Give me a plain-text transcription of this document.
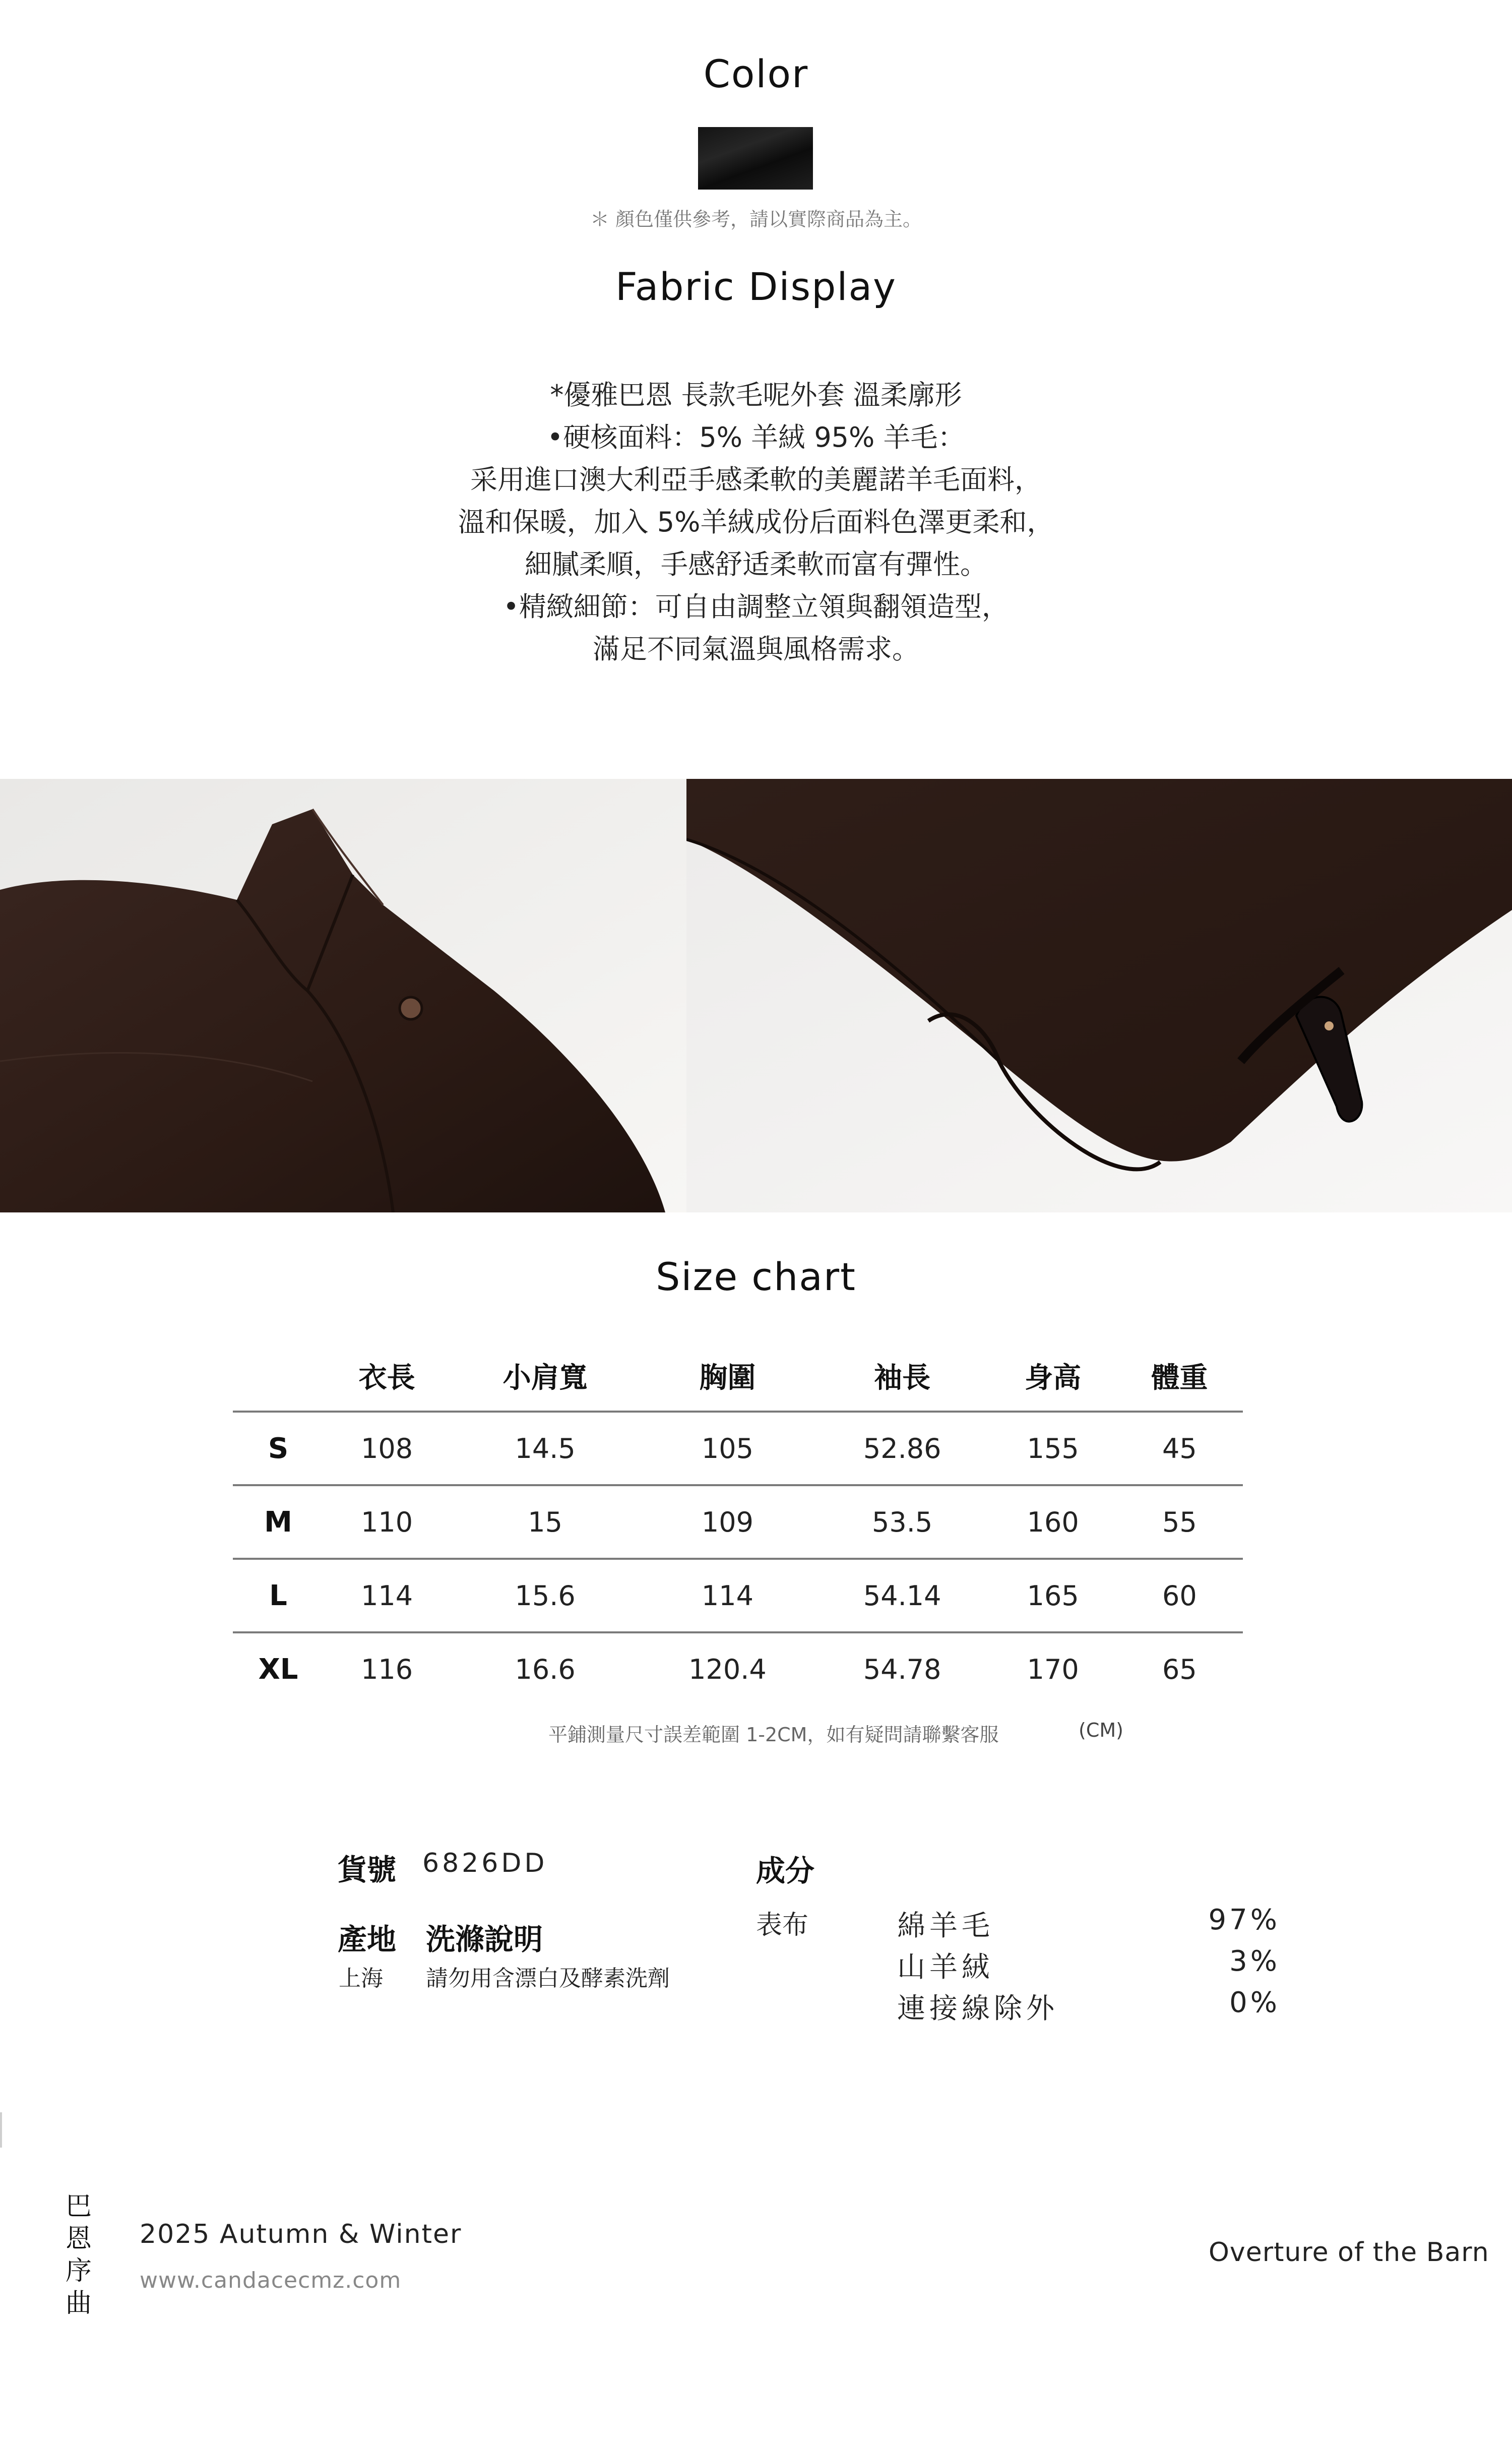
Color
＊ 顏色僅供參考，請以實際商品為主。
Fabric Display
*優雅巴恩 長款毛呢外套 溫柔廓形
•硬核面料：5% 羊絨 95% 羊毛：
采用進口澳大利亞手感柔軟的美麗諾羊毛面料，
溫和保暖，加入 5%羊絨成份后面料色澤更柔和，
細膩柔順，手感舒适柔軟而富有彈性。
•精緻細節：可自由調整立領與翻領造型，
滿足不同氣溫與風格需求。
Size chart
	衣長	小肩寬	胸圍	袖長	身高	體重
S	108	14.5	105	52.86	155	45
M	110	15	109	53.5	160	55
L	114	15.6	114	54.14	165	60
XL	116	16.6	120.4	54.78	170	65
平鋪測量尺寸誤差範圍 1-2CM，如有疑問請聯繫客服	(CM)
貨號 6826DD
產地 洗滌說明
上海 請勿用含漂白及酵素洗劑
成分
表布	綿羊毛	97%
山羊絨	3%
連接線除外	0%
巴
恩
序
曲
2025 Autumn & Winter
www.candacecmz.com
Overture of the Barn
